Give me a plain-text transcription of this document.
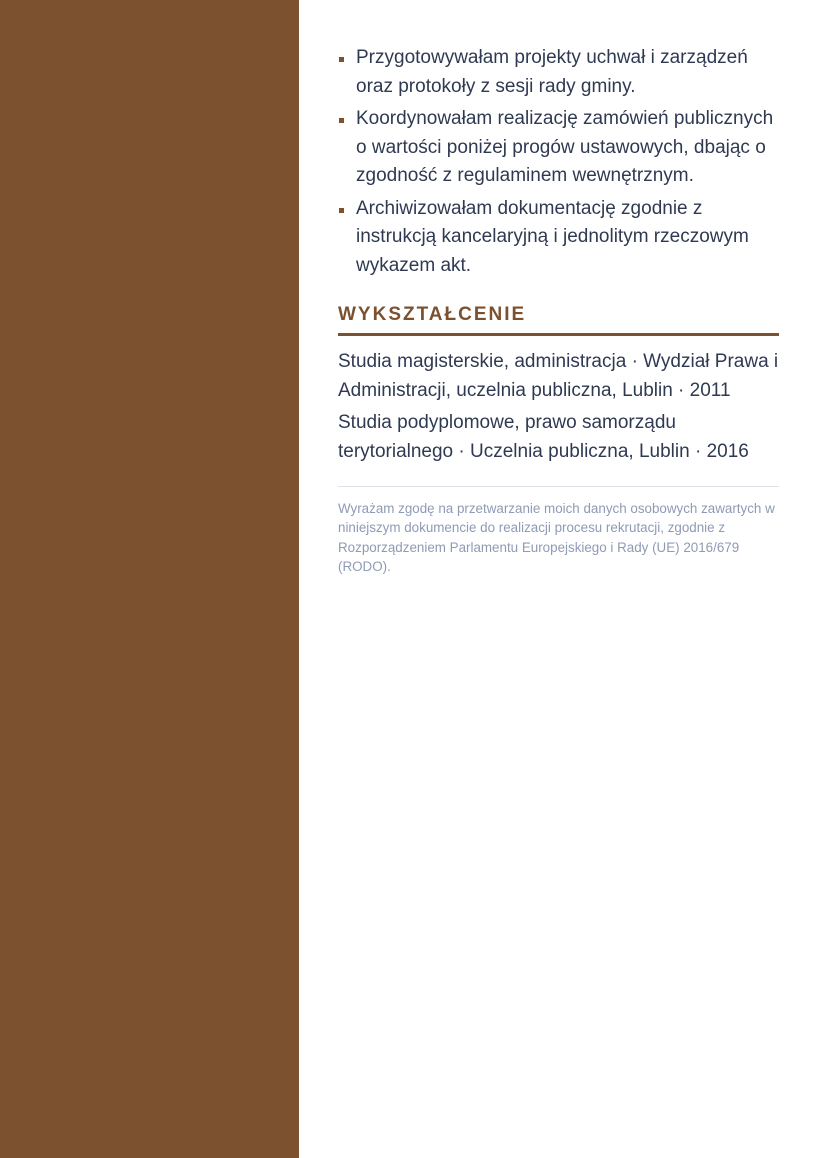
Przygotowywałam projekty uchwał i zarządzeń oraz protokoły z sesji rady gminy.
Koordynowałam realizację zamówień publicznych o wartości poniżej progów ustawowych, dbając o zgodność z regulaminem wewnętrznym.
Archiwizowałam dokumentację zgodnie z instrukcją kancelaryjną i jednolitym rzeczowym wykazem akt.
WYKSZTAŁCENIE

Studia magisterskie, administracja · Wydział Prawa i Administracji, uczelnia publiczna, Lublin · 2011

Studia podyplomowe, prawo samorządu terytorialnego · Uczelnia publiczna, Lublin · 2016

Wyrażam zgodę na przetwarzanie moich danych osobowych zawartych w niniejszym dokumencie do realizacji procesu rekrutacji, zgodnie z Rozporządzeniem Parlamentu Europejskiego i Rady (UE) 2016/679 (RODO).
